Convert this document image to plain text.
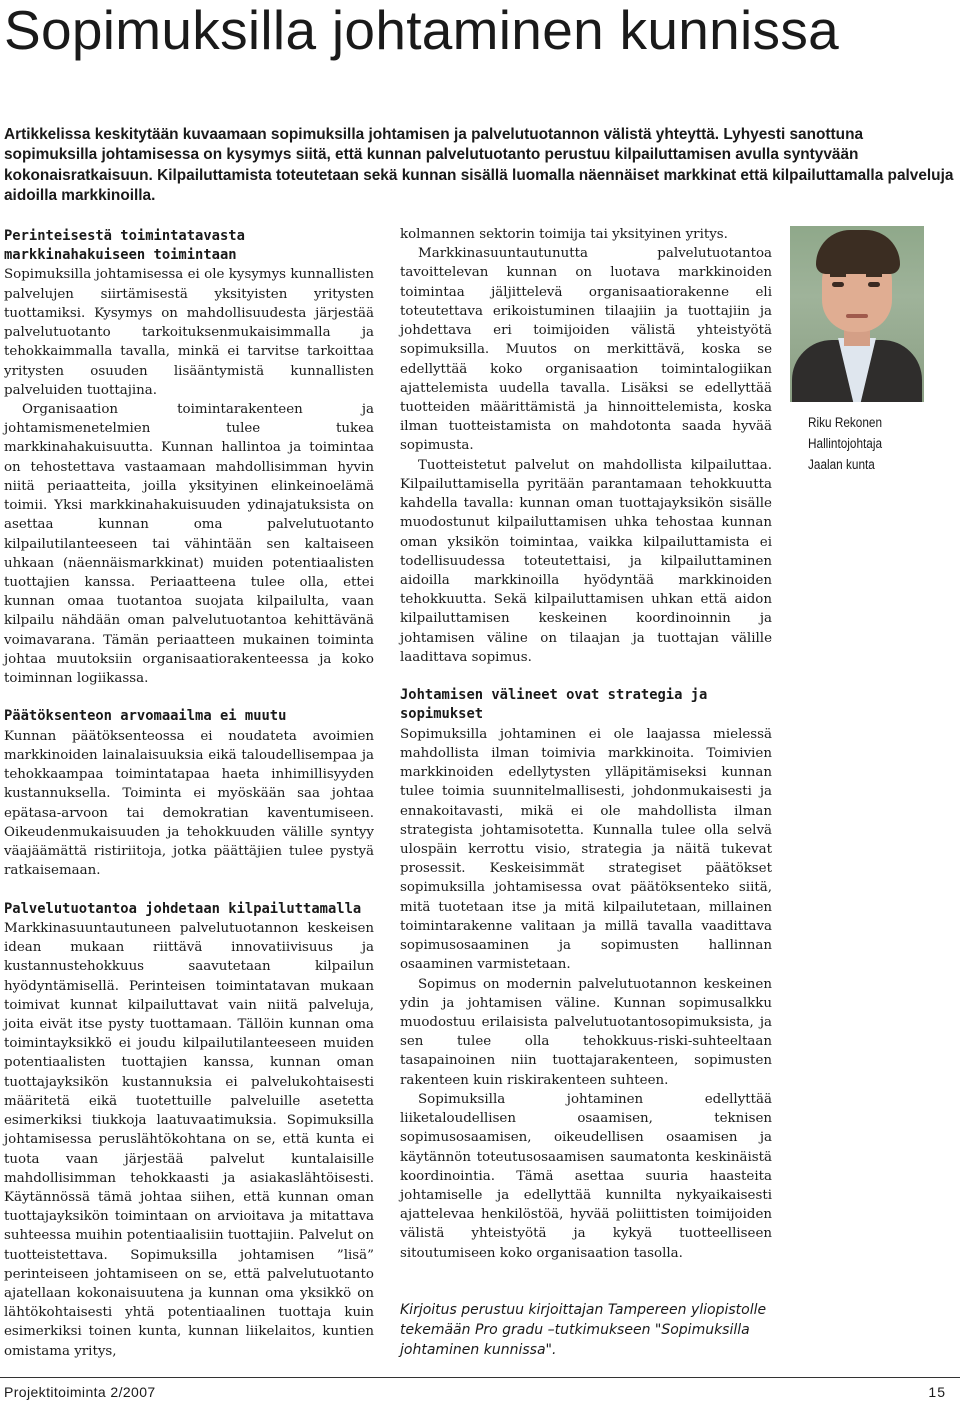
Sopimuksilla johtaminen kunnissa

Artikkelissa keskitytään kuvaamaan sopimuksilla johtamisen ja palvelutuotannon välistä yhteyttä. Lyhyesti sanottuna sopimuksilla johtamisessa on kysymys siitä, että kunnan palvelutuotanto perustuu kilpailuttamisen avulla syntyvään kokonaisratkaisuun. Kilpailuttamista toteutetaan sekä kunnan sisällä luomalla näennäiset markkinat että kilpailuttamalla palveluja aidoilla markkinoilla.

Perinteisestä toimintatavasta markkinahakuiseen toimintaan

Sopimuksilla johtamisessa ei ole kysymys kunnallisten palvelujen siirtämisestä yksityisten yritysten tuottamiksi. Kysymys on mahdollisuudesta järjestää palvelutuotanto tarkoituksenmukaisimmalla ja tehokkaimmalla tavalla, minkä ei tarvitse tarkoittaa yritysten osuuden lisääntymistä kunnallisten palveluiden tuottajina.

Organisaation toimintarakenteen ja johtamismenetelmien tulee tukea markkinahakuisuutta. Kunnan hallintoa ja toimintaa on tehostettava vastaamaan mahdollisimman hyvin niitä periaatteita, joilla yksityinen elinkeinoelämä toimii. Yksi markkinahakuisuuden ydinajatuksista on asettaa kunnan oma palvelutuotanto kilpailutilanteeseen tai vähintään sen kaltaiseen uhkaan (näennäismarkkinat) muiden potentiaalisten tuottajien kanssa. Periaatteena tulee olla, ettei kunnan omaa tuotantoa suojata kilpailulta, vaan kilpailu nähdään oman palvelutuotantoa kehittävänä voimavarana. Tämän periaatteen mukainen toiminta johtaa muutoksiin organisaatiorakenteessa ja koko toiminnan logiikassa.

Päätöksenteon arvomaailma ei muutu

Kunnan päätöksenteossa ei noudateta avoimien markkinoiden lainalaisuuksia eikä taloudellisempaa ja tehokkaampaa toimintatapaa haeta inhimillisyyden kustannuksella. Toiminta ei myöskään saa johtaa epätasa-arvoon tai demokratian kaventumiseen. Oikeudenmukaisuuden ja tehokkuuden välille syntyy väajäämättä ristiriitoja, jotka päättäjien tulee pystyä ratkaisemaan.

Palvelutuotantoa johdetaan kilpailuttamalla

Markkinasuuntautuneen palvelutuotannon keskeisen idean mukaan riittävä innovatiivisuus ja kustannustehokkuus saavutetaan kilpailun hyödyntämisellä. Perinteisen toimintatavan mukaan toimivat kunnat kilpailuttavat vain niitä palveluja, joita eivät itse pysty tuottamaan. Tällöin kunnan oma toimintayksikkö ei joudu kilpailutilanteeseen muiden potentiaalisten tuottajien kanssa, kunnan oman tuottajayksikön kustannuksia ei palvelukohtaisesti määritetä eikä tuotettuille palveluille asetetta esimerkiksi tiukkoja laatuvaatimuksia. Sopimuksilla johtamisessa peruslähtökohtana on se, että kunta ei tuota vaan järjestää palvelut kuntalaisille mahdollisimman tehokkaasti ja asiakaslähtöisesti. Käytännössä tämä johtaa siihen, että kunnan oman tuottajayksikön toimintaan on arvioitava ja mitattava suhteessa muihin potentiaalisiin tuottajiin. Palvelut on tuotteistettava. Sopimuksilla johtamisen ”lisä” perinteiseen johtamiseen on se, että palvelutuotanto ajatellaan kokonaisuutena ja kunnan oma yksikkö on lähtökohtaisesti yhtä potentiaalinen tuottaja kuin esimerkiksi toinen kunta, kunnan liikelaitos, kuntien omistama yritys,

kolmannen sektorin toimija tai yksityinen yritys.

Markkinasuuntautunutta palvelutuotantoa tavoittelevan kunnan on luotava markkinoiden toimintaa jäljittelevä organisaatiorakenne eli toteutettava erikoistuminen tilaajiin ja tuottajiin ja johdettava eri toimijoiden välistä yhteistyötä sopimuksilla. Muutos on merkittävä, koska se edellyttää koko organisaation toimintalogiikan ajattelemista uudella tavalla. Lisäksi se edellyttää tuotteiden määrittämistä ja hinnoittelemista, koska ilman tuotteistamista on mahdotonta saada hyvää sopimusta.

Tuotteistetut palvelut on mahdollista kilpailuttaa. Kilpailuttamisella pyritään parantamaan tehokkuutta kahdella tavalla: kunnan oman tuottajayksikön sisälle muodostunut kilpailuttamisen uhka tehostaa kunnan oman yksikön toimintaa, vaikka kilpailuttamista ei todellisuudessa toteutettaisi, ja kilpailuttaminen aidoilla markkinoilla hyödyntää markkinoiden tehokkuutta. Sekä kilpailuttamisen uhkan että aidon kilpailuttamisen keskeinen koordinoinnin ja johtamisen väline on tilaajan ja tuottajan välille laadittava sopimus.

Johtamisen välineet ovat strategia ja sopimukset

Sopimuksilla johtaminen ei ole laajassa mielessä mahdollista ilman toimivia markkinoita. Toimivien markkinoiden edellytysten ylläpitämiseksi kunnan tulee toimia suunnitelmallisesti, johdonmukaisesti ja ennakoitavasti, mikä ei ole mahdollista ilman strategista johtamisotetta. Kunnalla tulee olla selvä ulospäin kerrottu visio, strategia ja näitä tukevat prosessit. Keskeisimmät strategiset päätökset sopimuksilla johtamisessa ovat päätöksenteko siitä, mitä tuotetaan itse ja mitä kilpailutetaan, millainen toimintarakenne valitaan ja millä tavalla vaadittava sopimusosaaminen ja sopimusten hallinnan osaaminen varmistetaan.

Sopimus on modernin palvelutuotannon keskeinen ydin ja johtamisen väline. Kunnan sopimusalkku muodostuu erilaisista palvelutuotantosopimuksista, ja sen tulee olla tehokkuus-riski-suhteeltaan tasapainoinen niin tuottajarakenteen, sopimusten rakenteen kuin riskirakenteen suhteen.

Sopimuksilla johtaminen edellyttää liiketaloudellisen osaamisen, teknisen sopimusosaamisen, oikeudellisen osaamisen ja käytännön toteutusosaamisen saumatonta keskinäistä koordinointia. Tämä asettaa suuria haasteita johtamiselle ja edellyttää kunnilta nykyaikaisesti ajattelevaa henkilöstöä, hyvää poliittisten toimijoiden välistä yhteistyötä ja kykyä tuotteelliseen sitoutumiseen koko organisaation tasolla.

Kirjoitus perustuu kirjoittajan Tampereen yliopistolle tekemään Pro gradu –tutkimukseen "Sopimuksilla johtaminen kunnissa".

Riku Rekonen
Hallintojohtaja
Jaalan kunta
Projektitoiminta 2/2007	15
